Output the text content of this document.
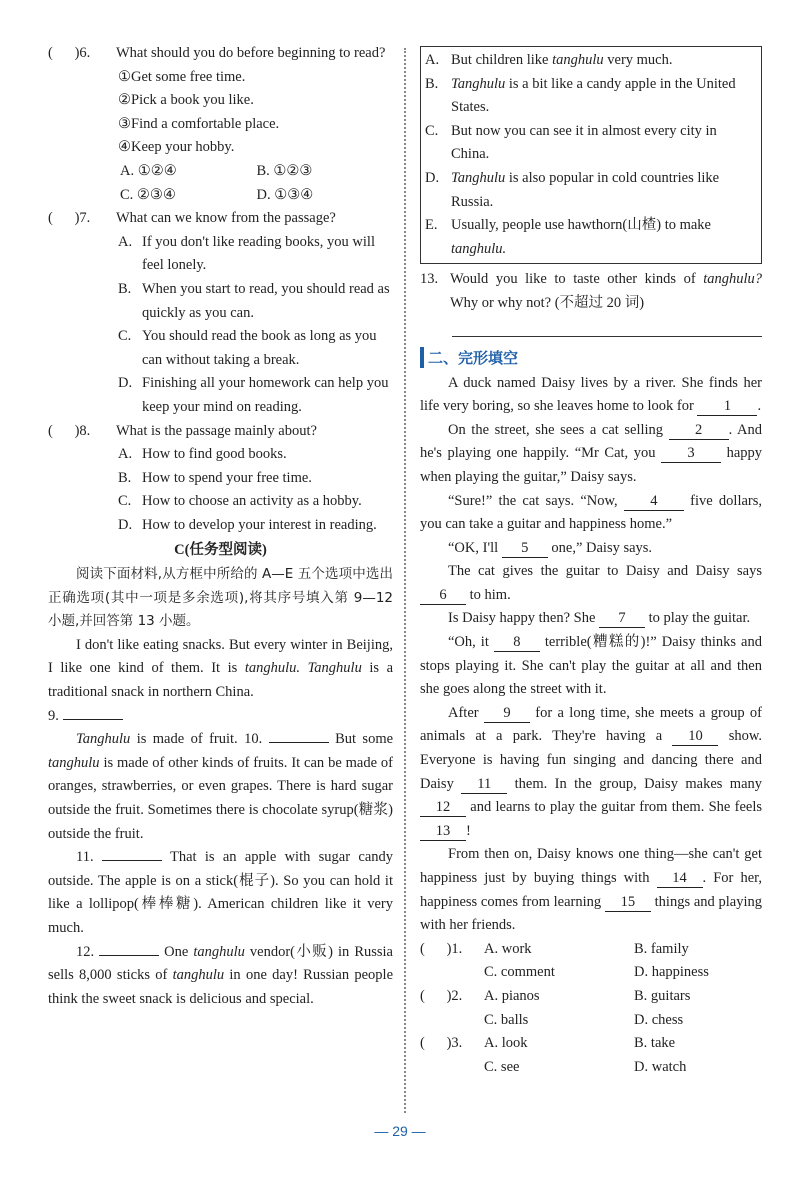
(      )6.	What should you do before beginning to read?
①Get some free time.
②Pick a book you like.
③Find a comfortable place.
④Keep your hobby.
A. ①②④	B. ①②③
C. ②③④	D. ①③④
(      )7.	What can we know from the passage?
A. If you don't like reading books, you will feel lonely.
B. When you start to read, you should read as quickly as you can.
C. You should read the book as long as you can without taking a break.
D. Finishing all your homework can help you keep your mind on reading.
(      )8.	What is the passage mainly about?
A. How to find good books.
B. How to spend your free time.
C. How to choose an activity as a hobby.
D. How to develop your interest in reading.
C(任务型阅读)
阅读下面材料,从方框中所给的 A—E 五个选项中选出正确选项(其中一项是多余选项),将其序号填入第 9—12 小题,并回答第 13 小题。
I don't like eating snacks. But every winter in Beijing, I like one kind of them. It is tanghulu. Tanghulu is a traditional snack in northern China.
9.
Tanghulu is made of fruit. 10.	But some tanghulu is made of other kinds of fruits. It can be made of oranges, strawberries, or even grapes. There is hard sugar outside the fruit. Sometimes there is chocolate syrup(糖浆) outside the fruit.
11.	That is an apple with sugar candy outside. The apple is on a stick(棍子). So you can hold it like a lollipop(棒棒糖). American children like it very much.
12.	One tanghulu vendor(小贩) in Russia sells 8,000 sticks of tanghulu in one day! Russian people think the sweet snack is delicious and special.
A. But children like tanghulu very much.
B. Tanghulu is a bit like a candy apple in the United States.
C. But now you can see it in almost every city in China.
D. Tanghulu is also popular in cold countries like Russia.
E. Usually, people use hawthorn(山楂) to make tanghulu.
13. Would you like to taste other kinds of tanghulu? Why or why not? (不超过 20 词)
二、完形填空
A duck named Daisy lives by a river. She finds her life very boring, so she leaves home to look for 1 .
On the street, she sees a cat selling 2 . And he's playing one happily. “Mr Cat, you 3 happy when playing the guitar,” Daisy says.
“Sure!” the cat says. “Now, 4 five dollars, you can take a guitar and happiness home.”
“OK, I'll 5 one,” Daisy says.
The cat gives the guitar to Daisy and Daisy says 6 to him.
Is Daisy happy then? She 7 to play the guitar.
“Oh, it 8 terrible(糟糕的)!” Daisy thinks and stops playing it. She can't play the guitar at all and then she goes along the street with it.
After 9 for a long time, she meets a group of animals at a park. They're having a 10 show. Everyone is having fun singing and dancing there and Daisy 11 them. In the group, Daisy makes many 12 and learns to play the guitar from them. She feels 13 !
From then on, Daisy knows one thing—she can't get happiness just by buying things with 14 . For her, happiness comes from learning 15 things and playing with her friends.
(      )1.	A. work	B. family
C. comment	D. happiness
(      )2.	A. pianos	B. guitars
C. balls	D. chess
(      )3.	A. look	B. take
C. see	D. watch
— 29 —
